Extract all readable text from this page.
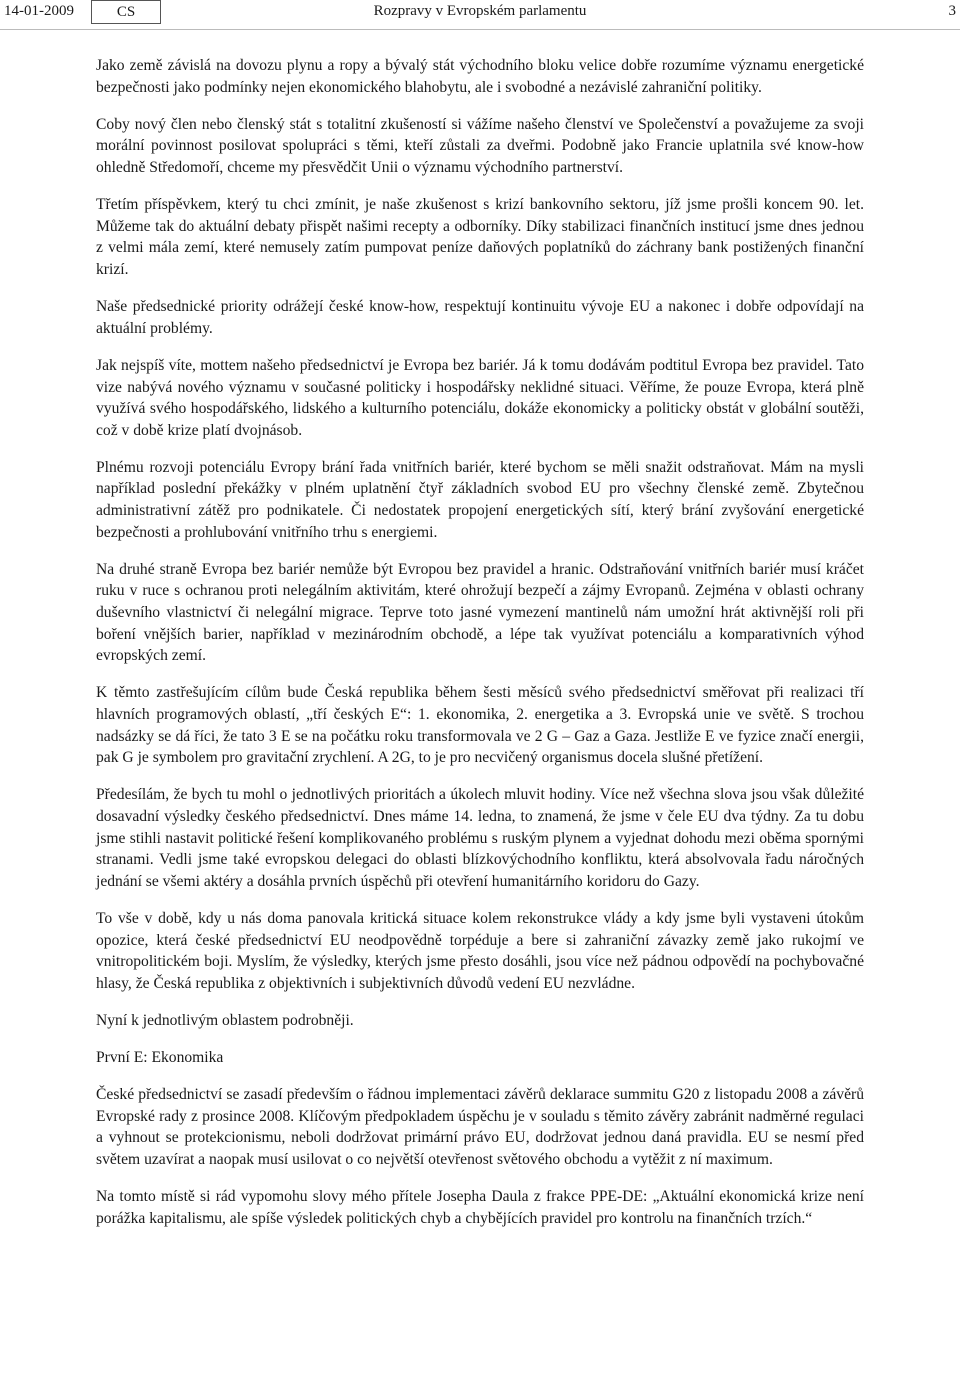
14-01-2009	CS	Rozpravy v Evropském parlamentu	3

Jako země závislá na dovozu plynu a ropy a bývalý stát východního bloku velice dobře rozumíme významu energetické bezpečnosti jako podmínky nejen ekonomického blahobytu, ale i svobodné a nezávislé zahraniční politiky.

Coby nový člen nebo členský stát s totalitní zkušeností si vážíme našeho členství ve Společenství a považujeme za svoji morální povinnost posilovat spolupráci s těmi, kteří zůstali za dveřmi. Podobně jako Francie uplatnila své know-how ohledně Středomoří, chceme my přesvědčit Unii o významu východního partnerství.

Třetím příspěvkem, který tu chci zmínit, je naše zkušenost s krizí bankovního sektoru, jíž jsme prošli koncem 90. let. Můžeme tak do aktuální debaty přispět našimi recepty a odborníky. Díky stabilizaci finančních institucí jsme dnes jednou z velmi mála zemí, které nemusely zatím pumpovat peníze daňových poplatníků do záchrany bank postižených finanční krizí.

Naše předsednické priority odrážejí české know-how, respektují kontinuitu vývoje EU a nakonec i dobře odpovídají na aktuální problémy.

Jak nejspíš víte, mottem našeho předsednictví je Evropa bez bariér. Já k tomu dodávám podtitul Evropa bez pravidel. Tato vize nabývá nového významu v současné politicky i hospodářsky neklidné situaci. Věříme, že pouze Evropa, která plně využívá svého hospodářského, lidského a kulturního potenciálu, dokáže ekonomicky a politicky obstát v globální soutěži, což v době krize platí dvojnásob.

Plnému rozvoji potenciálu Evropy brání řada vnitřních bariér, které bychom se měli snažit odstraňovat. Mám na mysli například poslední překážky v plném uplatnění čtyř základních svobod EU pro všechny členské země. Zbytečnou administrativní zátěž pro podnikatele. Či nedostatek propojení energetických sítí, který brání zvyšování energetické bezpečnosti a prohlubování vnitřního trhu s energiemi.

Na druhé straně Evropa bez bariér nemůže být Evropou bez pravidel a hranic. Odstraňování vnitřních bariér musí kráčet ruku v ruce s ochranou proti nelegálním aktivitám, které ohrožují bezpečí a zájmy Evropanů. Zejména v oblasti ochrany duševního vlastnictví či nelegální migrace. Teprve toto jasné vymezení mantinelů nám umožní hrát aktivnější roli při boření vnějších barier, například v mezinárodním obchodě, a lépe tak využívat potenciálu a komparativních výhod evropských zemí.

K těmto zastřešujícím cílům bude Česká republika během šesti měsíců svého předsednictví směřovat při realizaci tří hlavních programových oblastí, „tří českých E“: 1. ekonomika, 2. energetika a 3. Evropská unie ve světě. S trochou nadsázky se dá říci, že tato 3 E se na počátku roku transformovala ve 2 G – Gaz a Gaza. Jestliže E ve fyzice značí energii, pak G je symbolem pro gravitační zrychlení. A 2G, to je pro necvičený organismus docela slušné přetížení.

Předesílám, že bych tu mohl o jednotlivých prioritách a úkolech mluvit hodiny. Více než všechna slova jsou však důležité dosavadní výsledky českého předsednictví. Dnes máme 14. ledna, to znamená, že jsme v čele EU dva týdny. Za tu dobu jsme stihli nastavit politické řešení komplikovaného problému s ruským plynem a vyjednat dohodu mezi oběma spornými stranami. Vedli jsme také evropskou delegaci do oblasti blízkovýchodního konfliktu, která absolvovala řadu náročných jednání se všemi aktéry a dosáhla prvních úspěchů při otevření humanitárního koridoru do Gazy.

To vše v době, kdy u nás doma panovala kritická situace kolem rekonstrukce vlády a kdy jsme byli vystaveni útokům opozice, která české předsednictví EU neodpovědně torpéduje a bere si zahraniční závazky země jako rukojmí ve vnitropolitickém boji. Myslím, že výsledky, kterých jsme přesto dosáhli, jsou více než pádnou odpovědí na pochybovačné hlasy, že Česká republika z objektivních i subjektivních důvodů vedení EU nezvládne.

Nyní k jednotlivým oblastem podrobněji.

První E: Ekonomika

České předsednictví se zasadí především o řádnou implementaci závěrů deklarace summitu G20 z listopadu 2008 a závěrů Evropské rady z prosince 2008. Klíčovým předpokladem úspěchu je v souladu s těmito závěry zabránit nadměrné regulaci a vyhnout se protekcionismu, neboli dodržovat primární právo EU, dodržovat jednou daná pravidla. EU se nesmí před světem uzavírat a naopak musí usilovat o co největší otevřenost světového obchodu a vytěžit z ní maximum.

Na tomto místě si rád vypomohu slovy mého přítele Josepha Daula z frakce PPE-DE: „Aktuální ekonomická krize není porážka kapitalismu, ale spíše výsledek politických chyb a chybějících pravidel pro kontrolu na finančních trzích.“
